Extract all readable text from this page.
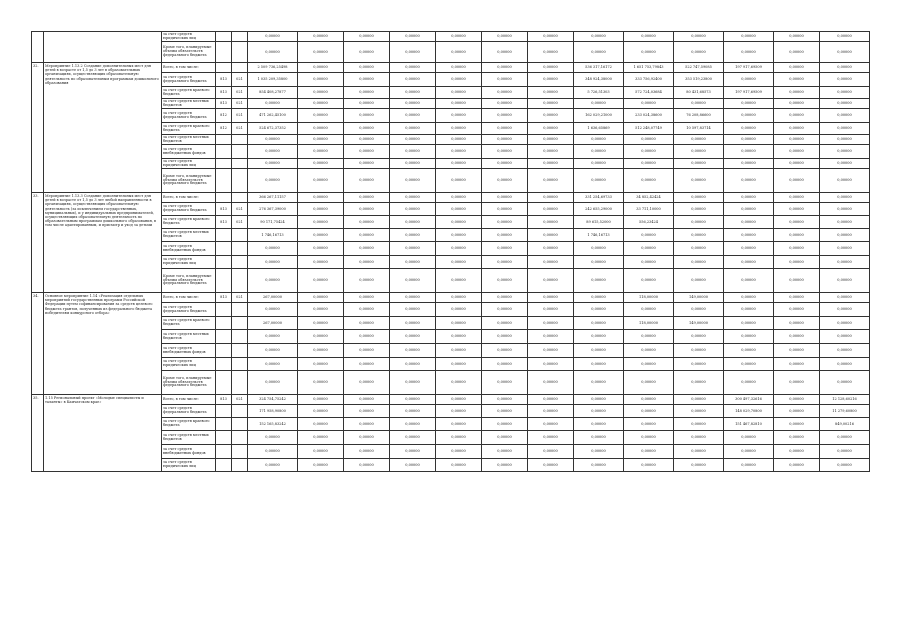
		за счет средств юридических лиц			0,00000	0,00000	0,00000	0,00000	0,00000	0,00000	0,00000	0,00000	0,00000	0,00000	0,00000	0,00000	0,00000
		Кроме того, планируемые объемы обязательств федерального бюджета			0,00000	0,00000	0,00000	0,00000	0,00000	0,00000	0,00000	0,00000	0,00000	0,00000	0,00000	0,00000	0,00000
32.	Мероприятие 1.13.2 Создание дополнительных мест для детей в возрасте от 1,5 до 3 лет в образовательных организациях, осуществляющих образовательную деятельность по образовательным программам дошкольного образования	Всего, в том числе:			2 509 736,25498	0,00000	0,00000	0,00000	0,00000	0,00000	0,00000	536 317,16172	1 651 753,79843	522 747,59085	197 917,69509	0,00000	0,00000
		за счет средств федерального бюджета	813	021	1 035 209,35800	0,00000	0,00000	0,00000	0,00000	0,00000	0,00000	348 924,38000	333 756,92400	353 519,23800	0,00000	0,00000	0,00000
		за счет средств краевого бюджета	813	021	854 408,27877	0,00000	0,00000	0,00000	0,00000	0,00000	0,00000	5 726,51303	572 724,03684	80 431,68573	197 917,69509	0,00000	0,00000
		за счет средств местных бюджетов	813	021	0,00000	0,00000	0,00000	0,00000	0,00000	0,00000	0,00000	0,00000	0,00000	0,00000	0,00000	0,00000	0,00000
		за счет средств федерального бюджета	812	021	471 262,45100	0,00000	0,00000	0,00000	0,00000	0,00000	0,00000	162 029,21000	233 024,38600	76 208,86600	0,00000	0,00000	0,00000
		за счет средств краевого бюджета	812	021	524 672,37352	0,00000	0,00000	0,00000	0,00000	0,00000	0,00000	1 636,65869	512 248,07749	10 597,83714	0,00000	0,00000	0,00000
		за счет средств местных бюджетов			0,00000	0,00000	0,00000	0,00000	0,00000	0,00000	0,00000	0,00000	0,00000	0,00000	0,00000	0,00000	0,00000
		за счет средств внебюджетных фондов			0,00000	0,00000	0,00000	0,00000	0,00000	0,00000	0,00000	0,00000	0,00000	0,00000	0,00000	0,00000	0,00000
		за счет средств юридических лиц			0,00000	0,00000	0,00000	0,00000	0,00000	0,00000	0,00000	0,00000	0,00000	0,00000	0,00000	0,00000	0,00000
		Кроме того, планируемые объемы обязательств федерального бюджета			0,00000	0,00000	0,00000	0,00000	0,00000	0,00000	0,00000	0,00000	0,00000	0,00000	0,00000	0,00000	0,00000
33.	Мероприятие 1.13.3 Создание дополнительных мест для детей в возрасте от 1,5 до 3 лет любой направленности в организациях, осуществляющих образовательную деятельность (за исключением государственных, муниципальных), и у индивидуальных предпринимателей, осуществляющих образовательную деятельность по образовательным программам дошкольного образования, в том числе адаптированным, и присмотр и уход за детьми	Всего, в том числе:			366 267,11157	0,00000	0,00000	0,00000	0,00000	0,00000	0,00000	331 254,69733	34 852,42424	0,00000	0,00000	0,00000	0,00000
		за счет средств федерального бюджета	813	021	276 367,39000	0,00000	0,00000	0,00000	0,00000	0,00000	0,00000	242 655,29000	33 711,10000	0,00000	0,00000	0,00000	0,00000
		за счет средств краевого бюджета	813	021	90 171,75424	0,00000	0,00000	0,00000	0,00000	0,00000	0,00000	89 615,52000	556,23424	0,00000	0,00000	0,00000	0,00000
		за счет средств местных бюджетов			1 746,16713	0,00000	0,00000	0,00000	0,00000	0,00000	0,00000	1 746,16713	0,00000	0,00000	0,00000	0,00000	0,00000
		за счет средств внебюджетных фондов			0,00000	0,00000	0,00000	0,00000	0,00000	0,00000	0,00000	0,00000	0,00000	0,00000	0,00000	0,00000	0,00000
		за счет средств юридических лиц			0,00000	0,00000	0,00000	0,00000	0,00000	0,00000	0,00000	0,00000	0,00000	0,00000	0,00000	0,00000	0,00000
		Кроме того, планируемые объемы обязательств федерального бюджета			0,00000	0,00000	0,00000	0,00000	0,00000	0,00000	0,00000	0,00000	0,00000	0,00000	0,00000	0,00000	0,00000
34.	Основное мероприятие 1.14 «Реализация отдельных мероприятий государственных программ Российской Федерации путем софинансирования за средств целевого бюджета грантов, полученных из федерального бюджета победителям конкурсного отбора»	Всего, в том числе:	813	021	267,00000	0,00000	0,00000	0,00000	0,00000	0,00000	0,00000	0,00000	118,00000	149,00000	0,00000	0,00000	0,00000
		за счет средств федерального бюджета			0,00000	0,00000	0,00000	0,00000	0,00000	0,00000	0,00000	0,00000	0,00000	0,00000	0,00000	0,00000	0,00000
		за счет средств краевого бюджета			267,00000	0,00000	0,00000	0,00000	0,00000	0,00000	0,00000	0,00000	118,00000	149,00000	0,00000	0,00000	0,00000
		за счет средств местных бюджетов			0,00000	0,00000	0,00000	0,00000	0,00000	0,00000	0,00000	0,00000	0,00000	0,00000	0,00000	0,00000	0,00000
		за счет средств внебюджетных фондов			0,00000	0,00000	0,00000	0,00000	0,00000	0,00000	0,00000	0,00000	0,00000	0,00000	0,00000	0,00000	0,00000
		за счет средств юридических лиц			0,00000	0,00000	0,00000	0,00000	0,00000	0,00000	0,00000	0,00000	0,00000	0,00000	0,00000	0,00000	0,00000
		Кроме того, планируемые объемы обязательств федерального бюджета			0,00000	0,00000	0,00000	0,00000	0,00000	0,00000	0,00000	0,00000	0,00000	0,00000	0,00000	0,00000	0,00000
35.	1.15 Региональный проект «Молодые специалисты и таланты» в Камчатском крае»	Всего, в том числе:	813	021	324 754,75242	0,00000	0,00000	0,00000	0,00000	0,00000	0,00000	0,00000	0,00000	0,00000	300 497,32616	0,00000	12 128,60216
		за счет средств федерального бюджета			171 958,90800	0,00000	0,00000	0,00000	0,00000	0,00000	0,00000	0,00000	0,00000	0,00000	148 029,70800	0,00000	11 279,60800
		за счет средств краевого бюджета			152 165,83242	0,00000	0,00000	0,00000	0,00000	0,00000	0,00000	0,00000	0,00000	0,00000	151 467,82810	0,00000	849,00216
		за счет средств местных бюджетов			0,00000	0,00000	0,00000	0,00000	0,00000	0,00000	0,00000	0,00000	0,00000	0,00000	0,00000	0,00000	0,00000
		за счет средств внебюджетных фондов			0,00000	0,00000	0,00000	0,00000	0,00000	0,00000	0,00000	0,00000	0,00000	0,00000	0,00000	0,00000	0,00000
		за счет средств юридических лиц			0,00000	0,00000	0,00000	0,00000	0,00000	0,00000	0,00000	0,00000	0,00000	0,00000	0,00000	0,00000	0,00000
